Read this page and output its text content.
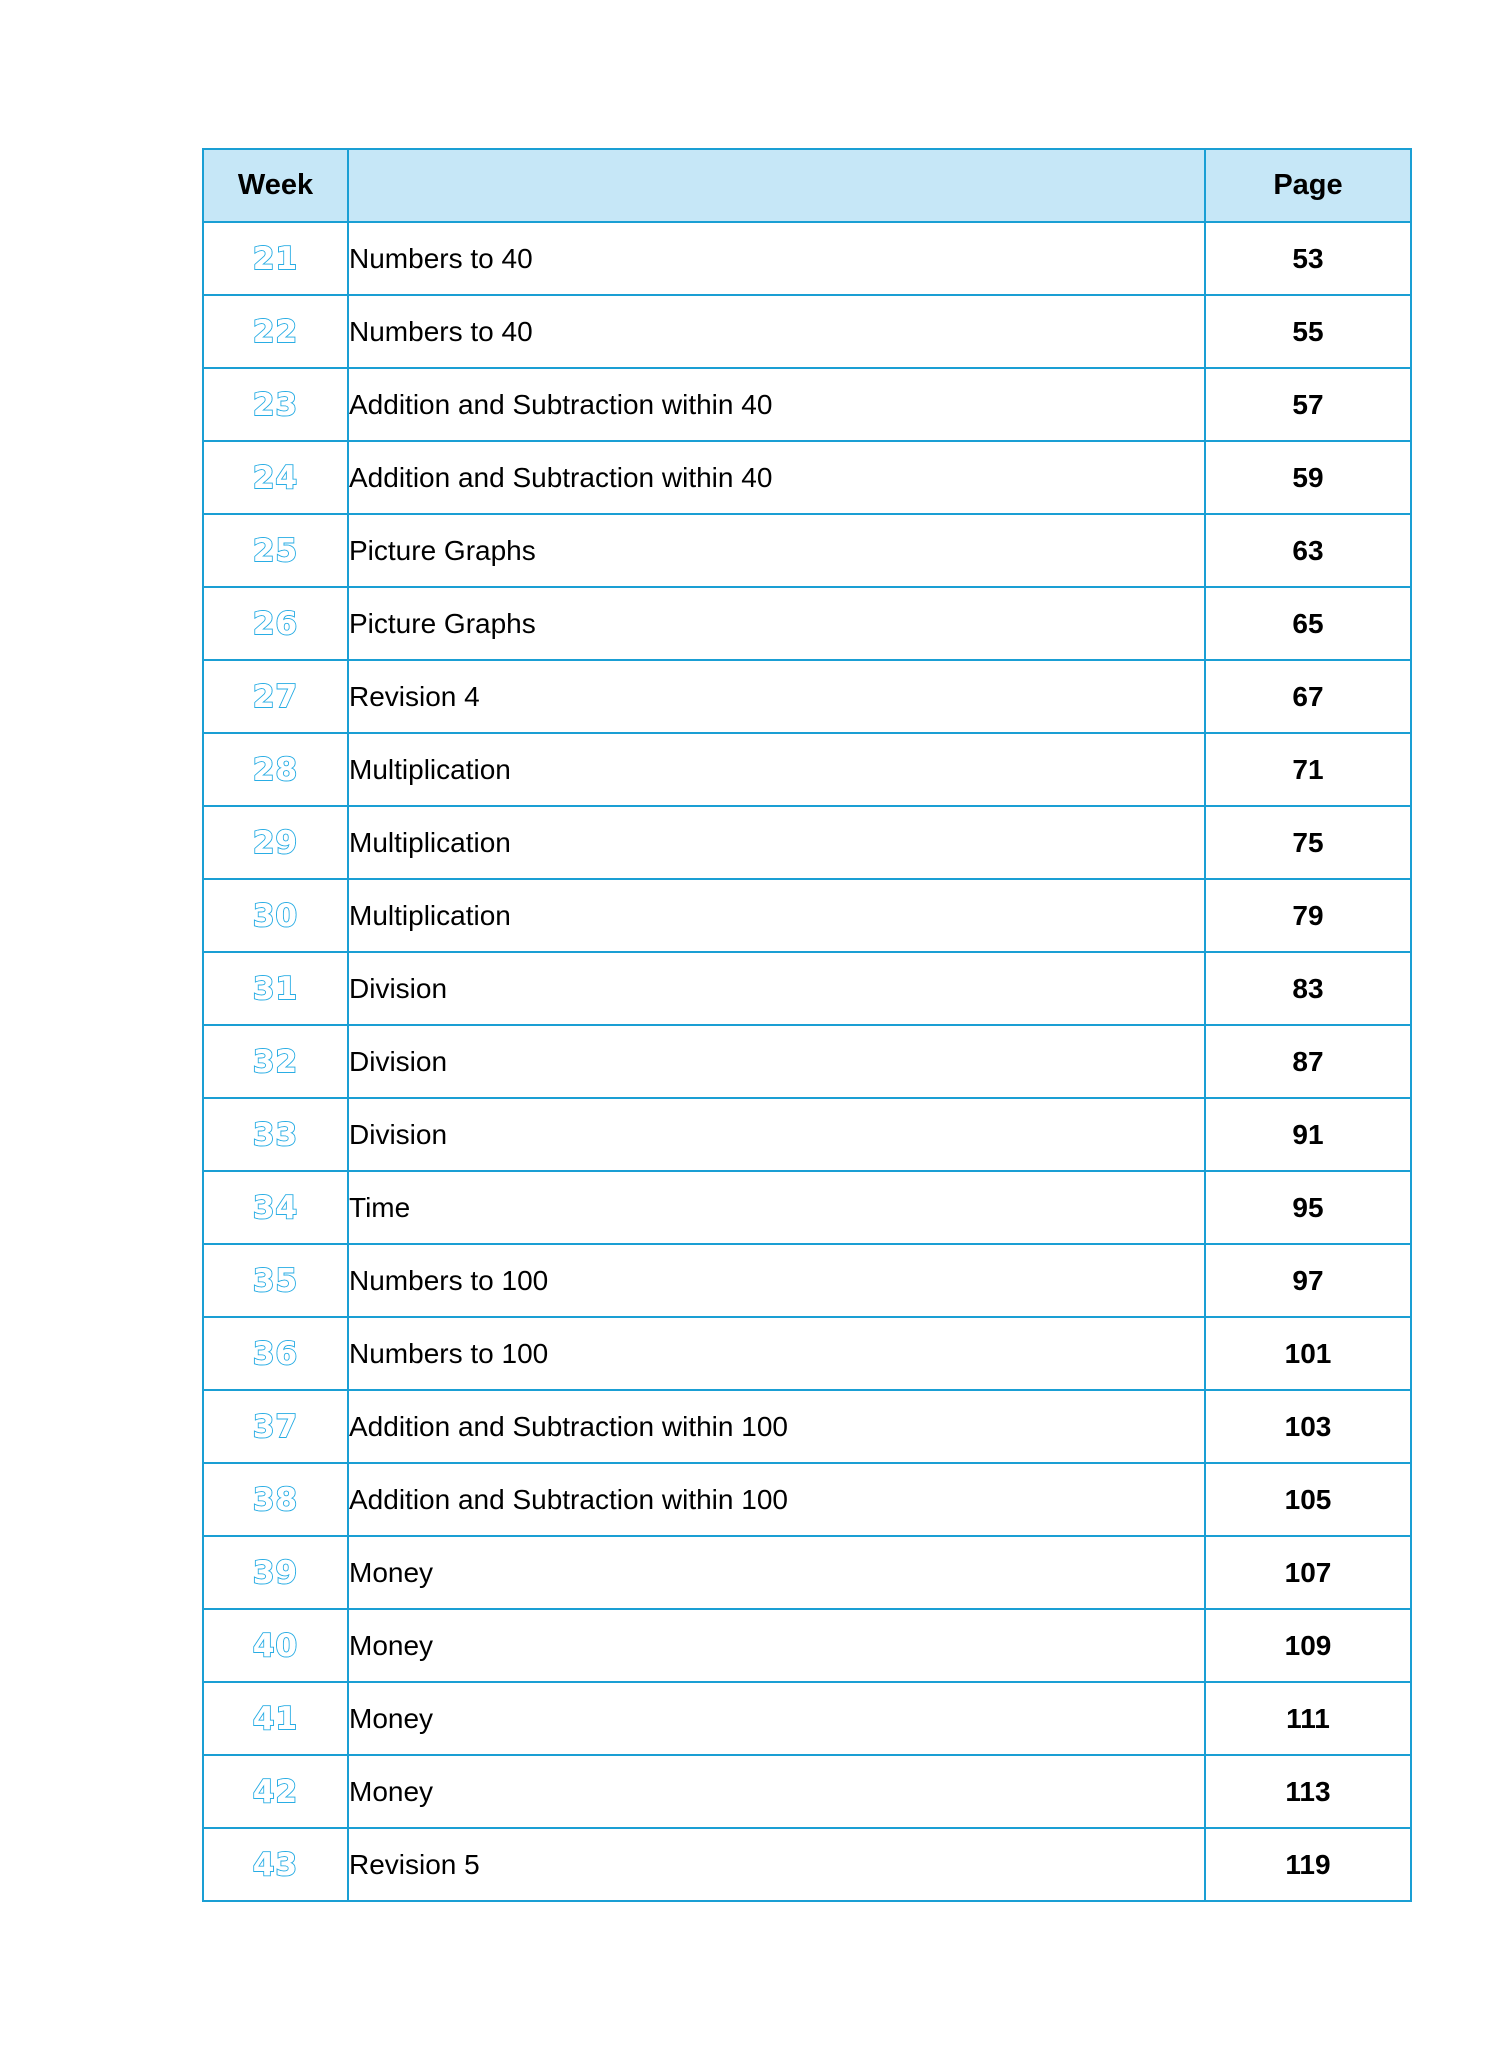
Week		Page
21	Numbers to 40	53
22	Numbers to 40	55
23	Addition and Subtraction within 40	57
24	Addition and Subtraction within 40	59
25	Picture Graphs	63
26	Picture Graphs	65
27	Revision 4	67
28	Multiplication	71
29	Multiplication	75
30	Multiplication	79
31	Division	83
32	Division	87
33	Division	91
34	Time	95
35	Numbers to 100	97
36	Numbers to 100	101
37	Addition and Subtraction within 100	103
38	Addition and Subtraction within 100	105
39	Money	107
40	Money	109
41	Money	111
42	Money	113
43	Revision 5	119
